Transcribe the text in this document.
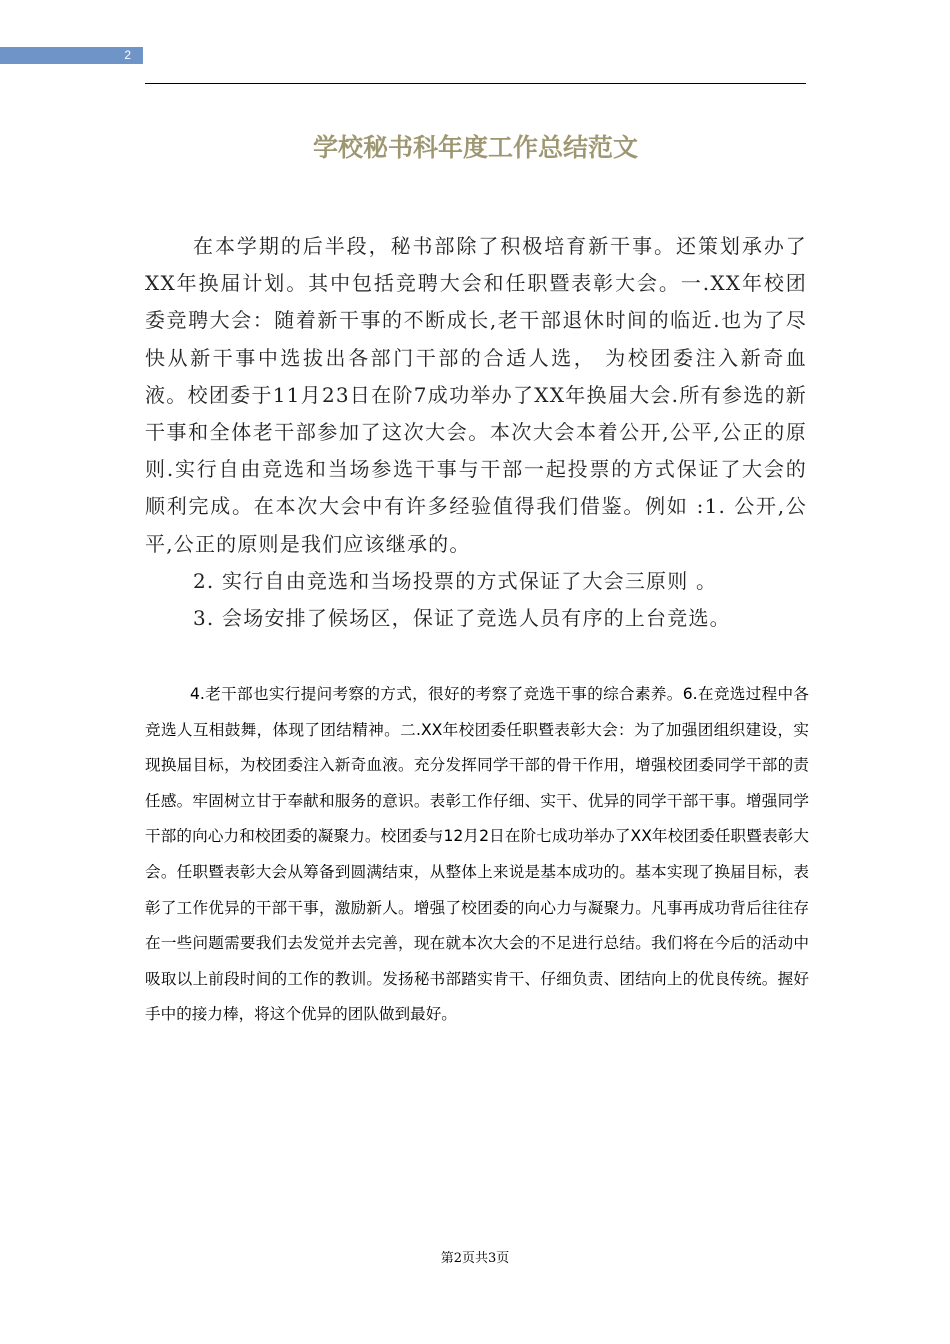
2
学校秘书科年度工作总结范文

在本学期的后半段，秘书部除了积极培育新干事。还策划承办了XX年换届计划。其中包括竞聘大会和任职暨表彰大会。一.XX年校团委竞聘大会：随着新干事的不断成长,老干部退休时间的临近.也为了尽快从新干事中选拔出各部门干部的合适人选， 为校团委注入新奇血液。校团委于11月23日在阶7成功举办了XX年换届大会.所有参选的新 干事和全体老干部参加了这次大会。本次大会本着公开,公平,公正的原则.实行自由竞选和当场参选干事与干部一起投票的方式保证了大会的顺利完成。在本次大会中有许多经验值得我们借鉴。例如 :1. 公开,公平,公正的原则是我们应该继承的。

2. 实行自由竞选和当场投票的方式保证了大会三原则 。

3. 会场安排了候场区，保证了竞选人员有序的上台竞选。

4.老干部也实行提问考察的方式，很好的考察了竞选干事的综合素养。6.在竞选过程中各竞选人互相鼓舞，体现了团结精神。二.XX年校团委任职暨表彰大会：为了加强团组织建设，实现换届目标，为校团委注入新奇血液。充分发挥同学干部的骨干作用，增强校团委同学干部的责任感。牢固树立甘于奉献和服务的意识。表彰工作仔细、实干、优异的同学干部干事。增强同学干部的向心力和校团委的凝聚力。校团委与12月2日在阶七成功举办了XX年校团委任职暨表彰大会。任职暨表彰大会从筹备到圆满结束，从整体上来说是基本成功的。基本实现了换届目标，表彰了工作优异的干部干事，激励新人。增强了校团委的向心力与凝聚力。凡事再成功背后往往存在一些问题需要我们去发觉并去完善，现在就本次大会的不足进行总结。我们将在今后的活动中吸取以上前段时间的工作的教训。发扬秘书部踏实肯干、仔细负责、团结向上的优良传统。握好手中的接力棒，将这个优异的团队做到最好。

第2页共3页
